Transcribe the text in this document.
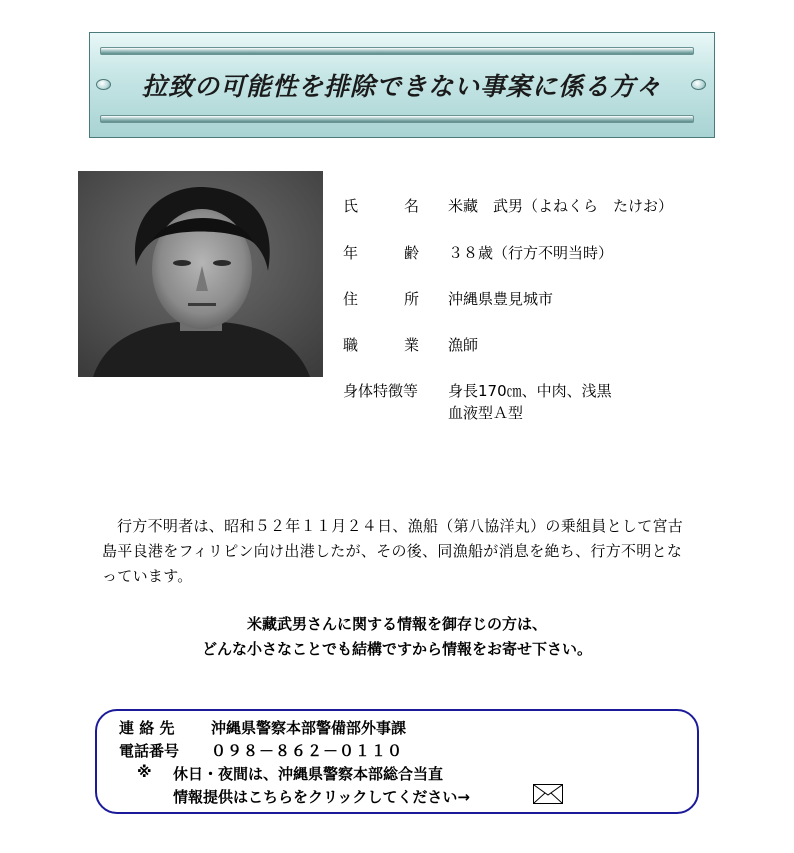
拉致の可能性を排除できない事案に係る方々
氏	名 米藏　武男（よねくら　たけお）
年	齢 ３８歳（行方不明当時）
住	所 沖縄県豊見城市
職	業 漁師
身体特徴等	身長170㎝、中肉、浅黒
血液型Ａ型
行方不明者は、昭和５２年１１月２４日、漁船（第八協洋丸）の乗組員として宮古島平良港をフィリピン向け出港したが、その後、同漁船が消息を絶ち、行方不明となっています。
米藏武男さんに関する情報を御存じの方は、
どんな小さなことでも結構ですから情報をお寄せ下さい。
連 絡 先 沖縄県警察本部警備部外事課
電話番号 ０９８－８６２－０１１０
※ 休日・夜間は、沖縄県警察本部総合当直
情報提供はこちらをクリックしてください→
